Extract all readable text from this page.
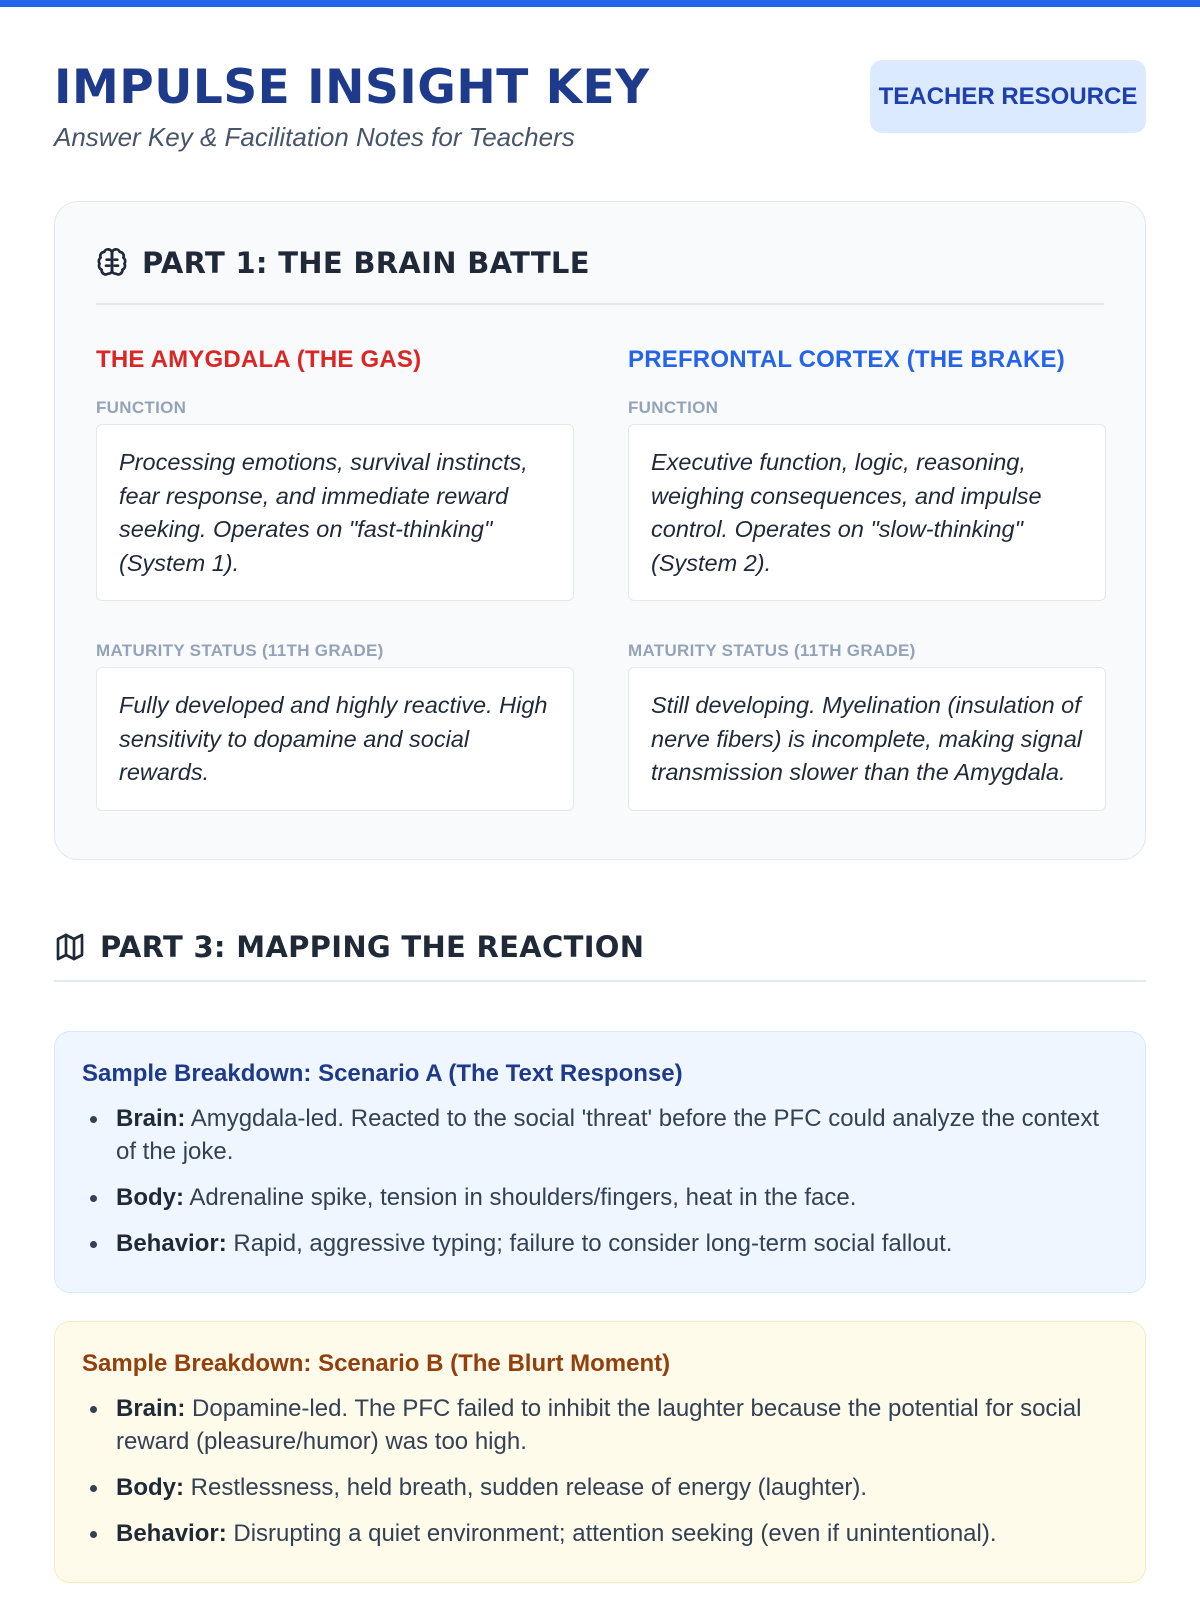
IMPULSE INSIGHT KEY
Answer Key & Facilitation Notes for Teachers
TEACHER RESOURCE
PART 1: THE BRAIN BATTLE
THE AMYGDALA (THE GAS)
FUNCTION
Processing emotions, survival instincts, fear response, and immediate reward seeking. Operates on "fast-thinking" (System 1).
MATURITY STATUS (11TH GRADE)
Fully developed and highly reactive. High sensitivity to dopamine and social rewards.
PREFRONTAL CORTEX (THE BRAKE)
FUNCTION
Executive function, logic, reasoning, weighing consequences, and impulse control. Operates on "slow-thinking" (System 2).
MATURITY STATUS (11TH GRADE)
Still developing. Myelination (insulation of nerve fibers) is incomplete, making signal transmission slower than the Amygdala.
PART 3: MAPPING THE REACTION
Sample Breakdown: Scenario A (The Text Response)
Brain: Amygdala-led. Reacted to the social 'threat' before the PFC could analyze the context of the joke.
Body: Adrenaline spike, tension in shoulders/fingers, heat in the face.
Behavior: Rapid, aggressive typing; failure to consider long-term social fallout.
Sample Breakdown: Scenario B (The Blurt Moment)
Brain: Dopamine-led. The PFC failed to inhibit the laughter because the potential for social reward (pleasure/humor) was too high.
Body: Restlessness, held breath, sudden release of energy (laughter).
Behavior: Disrupting a quiet environment; attention seeking (even if unintentional).
